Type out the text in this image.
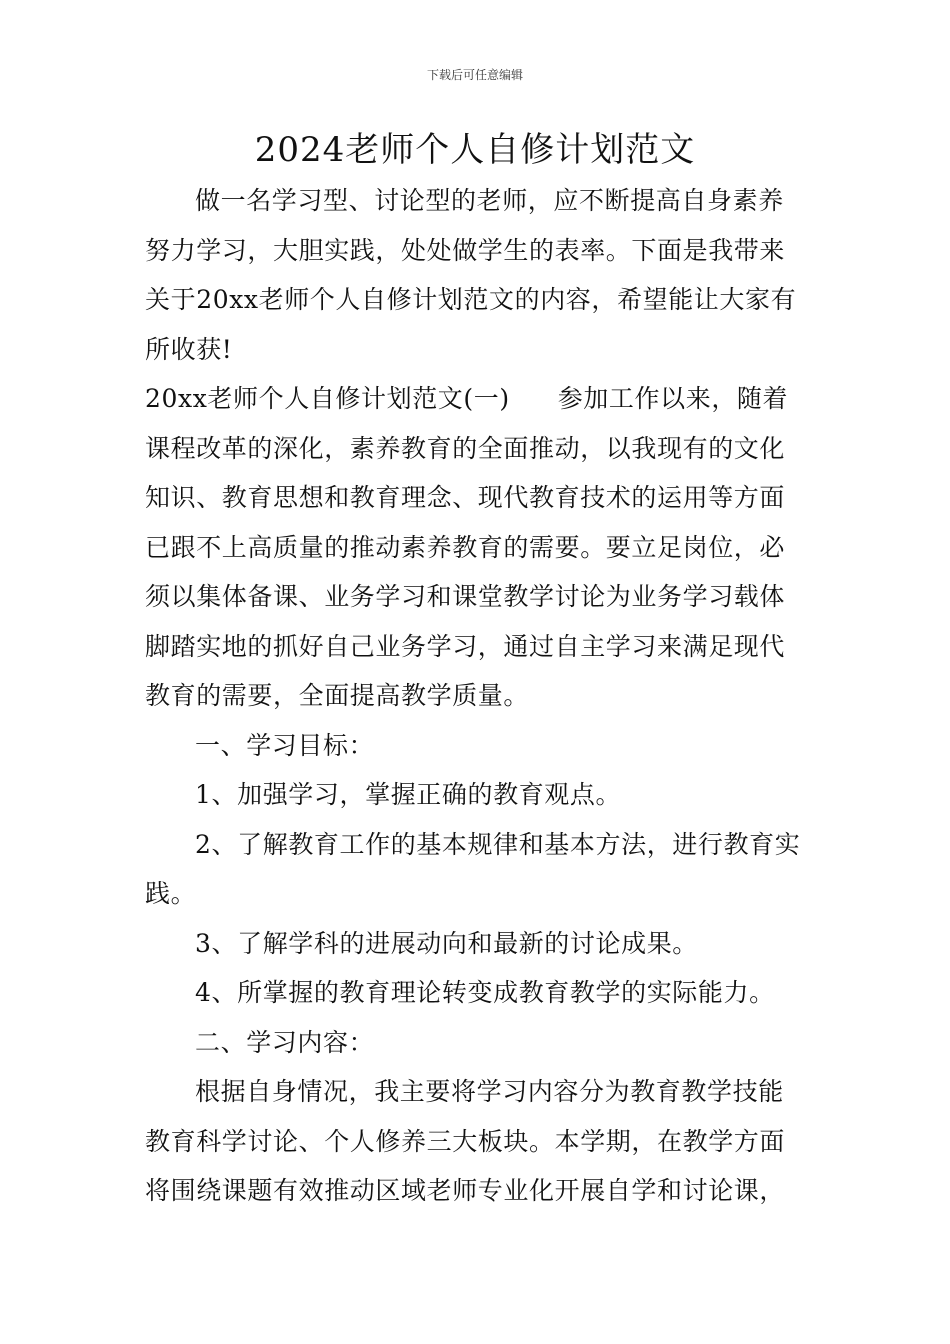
下载后可任意编辑
2024老师个人自修计划范文

做一名学习型、讨论型的老师，应不断提高自身素养

努力学习，大胆实践，处处做学生的表率。下面是我带来

关于20xx老师个人自修计划范文的内容，希望能让大家有

所收获!

20xx老师个人自修计划范文(一) 参加工作以来，随着

课程改革的深化，素养教育的全面推动，以我现有的文化

知识、教育思想和教育理念、现代教育技术的运用等方面

已跟不上高质量的推动素养教育的需要。要立足岗位，必

须以集体备课、业务学习和课堂教学讨论为业务学习载体

脚踏实地的抓好自己业务学习，通过自主学习来满足现代

教育的需要，全面提高教学质量。

一、学习目标：

1、加强学习，掌握正确的教育观点。

2、了解教育工作的基本规律和基本方法，进行教育实

践。

3、了解学科的进展动向和最新的讨论成果。

4、所掌握的教育理论转变成教育教学的实际能力。

二、学习内容：

根据自身情况，我主要将学习内容分为教育教学技能

教育科学讨论、个人修养三大板块。本学期，在教学方面

将围绕课题有效推动区域老师专业化开展自学和讨论课，
